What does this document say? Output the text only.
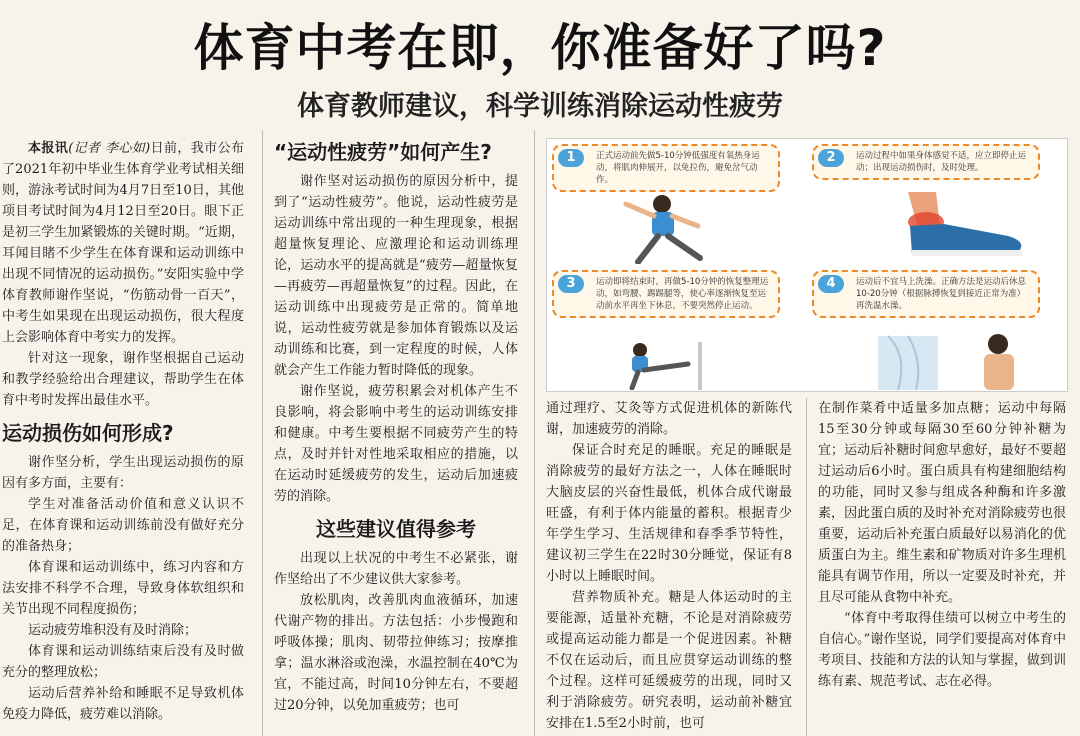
体育中考在即，你准备好了吗?
体育教师建议，科学训练消除运动性疲劳

本报讯(记者 李心如)日前，我市公布了2021年初中毕业生体育学业考试相关细则，游泳考试时间为4月7日至10日，其他项目考试时间为4月12日至20日。眼下正是初三学生加紧锻炼的关键时期。“近期，耳闻目睹不少学生在体育课和运动训练中出现不同情况的运动损伤。”安阳实验中学体育教师谢作坚说，“伤筋动骨一百天”，中考生如果现在出现运动损伤，很大程度上会影响体育中考实力的发挥。

针对这一现象，谢作坚根据自己运动和教学经验给出合理建议，帮助学生在体育中考时发挥出最佳水平。

运动损伤如何形成?

谢作坚分析，学生出现运动损伤的原因有多方面，主要有：

学生对准备活动价值和意义认识不足，在体育课和运动训练前没有做好充分的准备热身；

体育课和运动训练中，练习内容和方法安排不科学不合理，导致身体软组织和关节出现不同程度损伤；

运动疲劳堆积没有及时消除；

体育课和运动训练结束后没有及时做充分的整理放松；

运动后营养补给和睡眠不足导致机体免疫力降低，疲劳难以消除。

“运动性疲劳”如何产生?

谢作坚对运动损伤的原因分析中，提到了“运动性疲劳”。他说，运动性疲劳是运动训练中常出现的一种生理现象，根据超量恢复理论、应激理论和运动训练理论，运动水平的提高就是“疲劳—超量恢复—再疲劳—再超量恢复”的过程。因此，在运动训练中出现疲劳是正常的。简单地说，运动性疲劳就是参加体育锻炼以及运动训练和比赛，到一定程度的时候，人体就会产生工作能力暂时降低的现象。

谢作坚说，疲劳积累会对机体产生不良影响，将会影响中考生的运动训练安排和健康。中考生要根据不同疲劳产生的特点，及时并针对性地采取相应的措施，以在运动时延缓疲劳的发生，运动后加速疲劳的消除。

这些建议值得参考

出现以上状况的中考生不必紧张，谢作坚给出了不少建议供大家参考。

放松肌肉，改善肌肉血液循环，加速代谢产物的排出。方法包括：小步慢跑和呼吸体操；肌肉、韧带拉伸练习；按摩推拿；温水淋浴或泡澡，水温控制在40℃为宜，不能过高，时间10分钟左右，不要超过20分钟，以免加重疲劳；也可

1	正式运动前先做5-10分钟低强度有氧热身运动，将肌肉伸展开，以免拉伤，避免岔气动作。
2	运动过程中如果身体感觉不适，应立即停止运动；出现运动损伤时，及时处理。
3	运动即将结束时，再做5-10分钟的恢复整理运动，如弯腰、踢踢腿等，使心率逐渐恢复至运动前水平再坐下休息，不要突然停止运动。
4	运动后不宜马上洗澡。正确方法是运动后休息10-20分钟（根据脉搏恢复到接近正常为准）再洗温水澡。

通过理疗、艾灸等方式促进机体的新陈代谢，加速疲劳的消除。

保证合时充足的睡眠。充足的睡眠是消除疲劳的最好方法之一，人体在睡眠时大脑皮层的兴奋性最低，机体合成代谢最旺盛，有利于体内能量的蓄积。根据青少年学生学习、生活规律和春季季节特性，建议初三学生在22时30分睡觉，保证有8小时以上睡眠时间。

营养物质补充。糖是人体运动时的主要能源，适量补充糖，不论是对消除疲劳或提高运动能力都是一个促进因素。补糖不仅在运动后，而且应贯穿运动训练的整个过程。这样可延缓疲劳的出现，同时又利于消除疲劳。研究表明，运动前补糖宜安排在1.5至2小时前，也可

在制作菜肴中适量多加点糖；运动中每隔15至30分钟或每隔30至60分钟补糖为宜；运动后补糖时间愈早愈好，最好不要超过运动后6小时。蛋白质具有构建细胞结构的功能，同时又参与组成各种酶和许多激素，因此蛋白质的及时补充对消除疲劳也很重要，运动后补充蛋白质最好以易消化的优质蛋白为主。维生素和矿物质对许多生理机能具有调节作用，所以一定要及时补充，并且尽可能从食物中补充。

“体育中考取得佳绩可以树立中考生的自信心。”谢作坚说，同学们要提高对体育中考项目、技能和方法的认知与掌握，做到训练有素、规范考试、志在必得。
